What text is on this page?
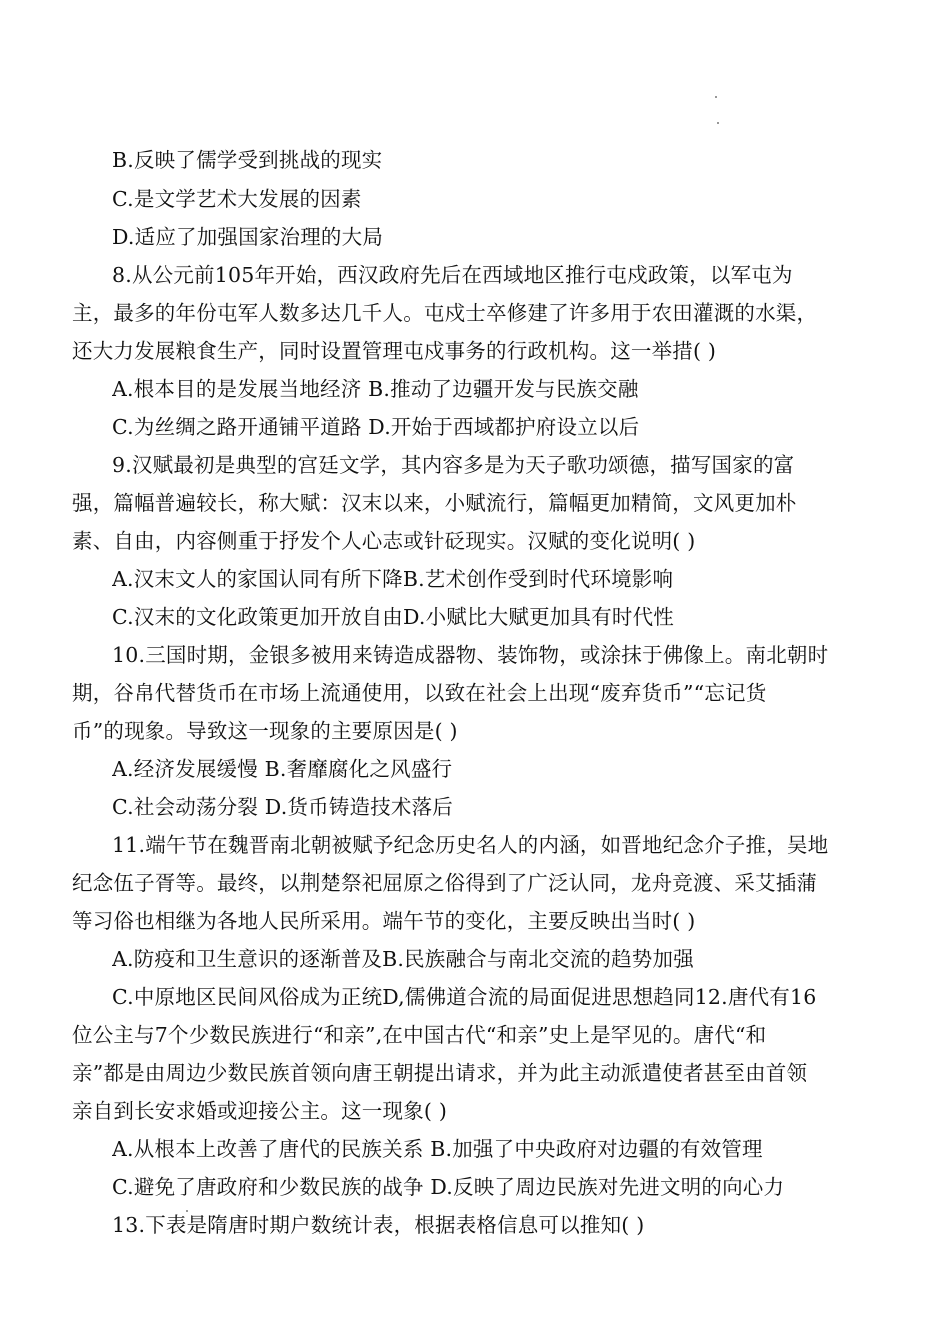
B.反映了儒学受到挑战的现实
C.是文学艺术大发展的因素
D.适应了加强国家治理的大局
8.从公元前105年开始，西汉政府先后在西域地区推行屯戍政策，以军屯为
主，最多的年份屯军人数多达几千人。屯戍士卒修建了许多用于农田灌溉的水渠，
还大力发展粮食生产，同时设置管理屯戍事务的行政机构。这一举措( )
A.根本目的是发展当地经济 B.推动了边疆开发与民族交融
C.为丝绸之路开通铺平道路 D.开始于西域都护府设立以后
9.汉赋最初是典型的宫廷文学，其内容多是为天子歌功颂德，描写国家的富
强，篇幅普遍较长，称大赋：汉末以来，小赋流行，篇幅更加精简，文风更加朴
素、自由，内容侧重于抒发个人心志或针砭现实。汉赋的变化说明( )
A.汉末文人的家国认同有所下降B.艺术创作受到时代环境影响
C.汉末的文化政策更加开放自由D.小赋比大赋更加具有时代性
10.三国时期，金银多被用来铸造成器物、装饰物，或涂抹于佛像上。南北朝时
期，谷帛代替货币在市场上流通使用，以致在社会上出现“废弃货币”“忘记货
币”的现象。导致这一现象的主要原因是( )
A.经济发展缓慢 B.奢靡腐化之风盛行
C.社会动荡分裂 D.货币铸造技术落后
11.端午节在魏晋南北朝被赋予纪念历史名人的内涵，如晋地纪念介子推，吴地
纪念伍子胥等。最终，以荆楚祭祀屈原之俗得到了广泛认同，龙舟竞渡、采艾插蒲
等习俗也相继为各地人民所采用。端午节的变化，主要反映出当时( )
A.防疫和卫生意识的逐渐普及B.民族融合与南北交流的趋势加强
C.中原地区民间风俗成为正统D,儒佛道合流的局面促进思想趋同12.唐代有16
位公主与7个少数民族进行“和亲”,在中国古代“和亲”史上是罕见的。唐代“和
亲”都是由周边少数民族首领向唐王朝提出请求，并为此主动派遣使者甚至由首领
亲自到长安求婚或迎接公主。这一现象( )
A.从根本上改善了唐代的民族关系 B.加强了中央政府对边疆的有效管理
C.避免了唐政府和少数民族的战争 D.反映了周边民族对先进文明的向心力
13.下表是隋唐时期户数统计表，根据表格信息可以推知( )
